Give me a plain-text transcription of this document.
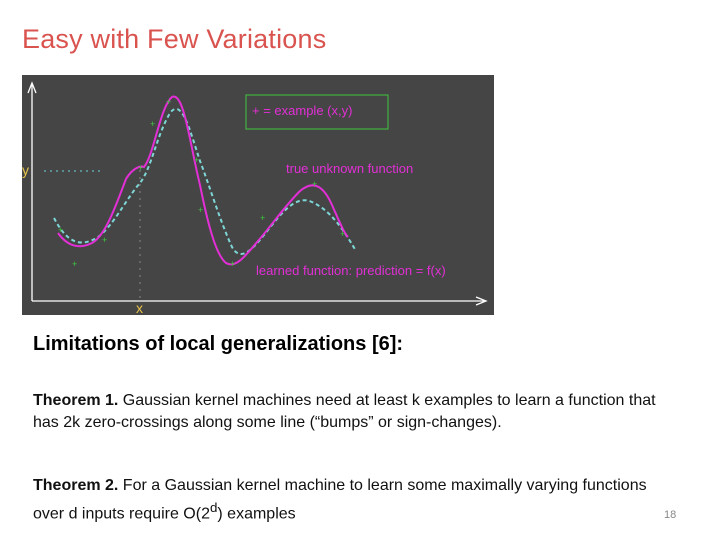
Easy with Few Variations
+
+
+
+
+
+
+
+
+
+
+
+
+ = example (x,y)
true unknown function
learned function: prediction = f(x)
y
x
Limitations of local generalizations [6]:
Theorem 1. Gaussian kernel machines need at least k examples to learn a function that has 2k zero-crossings along some line (“bumps” or sign-changes).
Theorem 2. For a Gaussian kernel machine to learn some maximally varying functions over d inputs require O(2$^d$) examples	18
